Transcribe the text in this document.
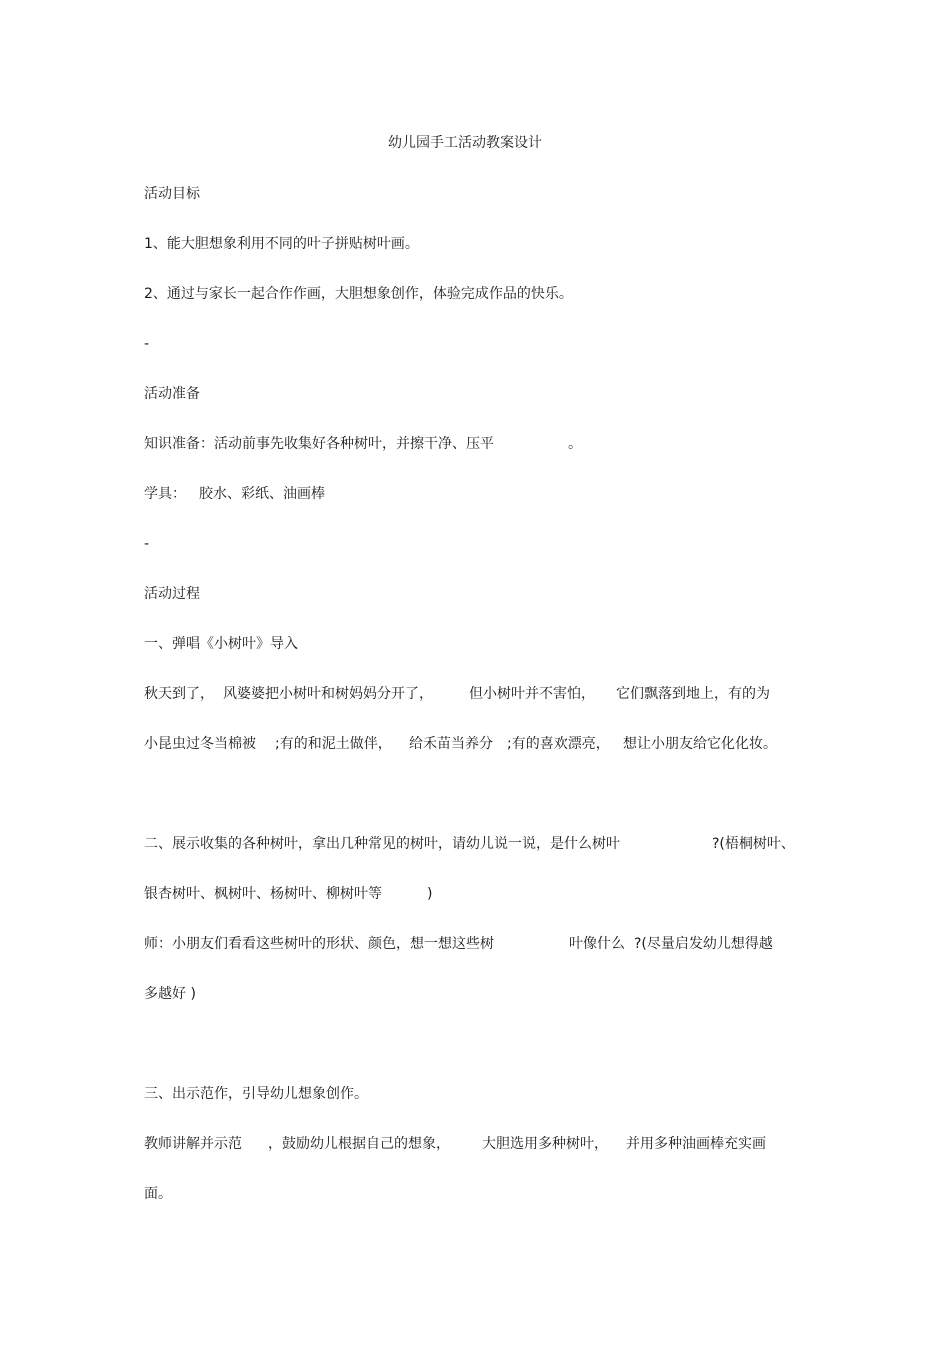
幼儿园手工活动教案设计
活动目标
1、能大胆想象利用不同的叶子拼贴树叶画。
2、通过与家长一起合作作画，大胆想象创作，体验完成作品的快乐。
-
活动准备

知识准备：活动前事先收集好各种树叶，并擦干净、压平

	。

学具：

胶水、彩纸、油画棒

-
活动过程
一、弹唱《小树叶》导入

秋天到了，

风婆婆把小树叶和树妈妈分开了，

	但小树叶并不害怕，

它们飘落到地上，有的为

小昆虫过冬当棉被

;有的和泥土做伴，

给禾苗当养分

;有的喜欢漂亮，

想让小朋友给它化化妆。

二、展示收集的各种树叶，拿出几种常见的树叶，请幼儿说一说，是什么树叶

	?(梧桐树叶、

银杏树叶、枫树叶、杨树叶、柳树叶等

	)

师：小朋友们看看这些树叶的形状、颜色，想一想这些树

	叶像什么

?(尽量启发幼儿想得越

多越好 )
三、出示范作，引导幼儿想象创作。

教师讲解并示范

，鼓励幼儿根据自己的想象，

大胆选用多种树叶，

并用多种油画棒充实画

面。
